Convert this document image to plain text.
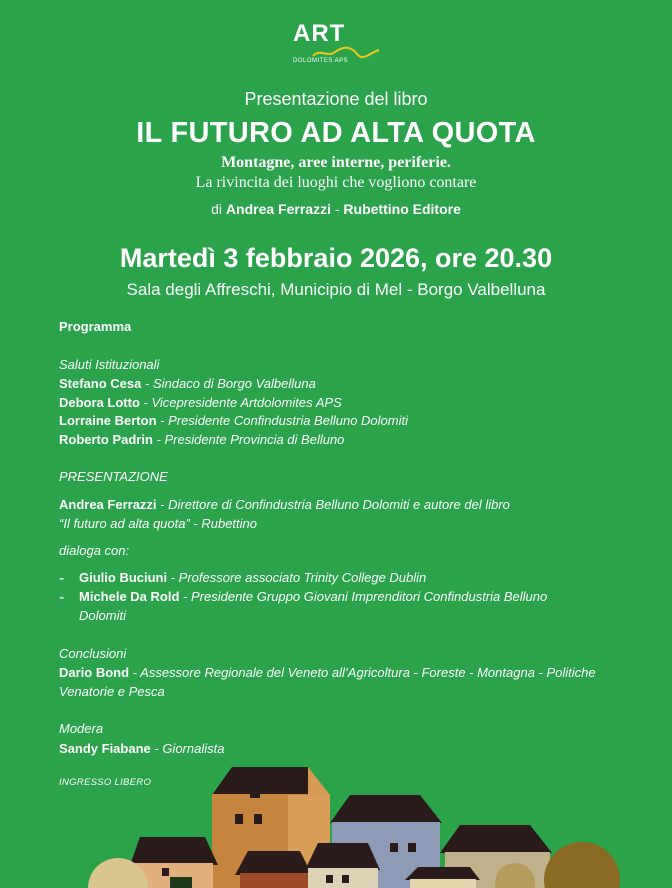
ART
DOLOMITES APS
Presentazione del libro
IL FUTURO AD ALTA QUOTA
Montagne, aree interne, periferie.
La rivincita dei luoghi che vogliono contare
di Andrea Ferrazzi - Rubettino Editore
Martedì 3 febbraio 2026, ore 20.30
Sala degli Affreschi, Municipio di Mel - Borgo Valbelluna
Programma
Saluti Istituzionali
Stefano Cesa - Sindaco di Borgo Valbelluna
Debora Lotto - Vicepresidente Artdolomites APS
Lorraine Berton - Presidente Confindustria Belluno Dolomiti
Roberto Padrin - Presidente Provincia di Belluno
PRESENTAZIONE
Andrea Ferrazzi - Direttore di Confindustria Belluno Dolomiti e autore del libro
“Il futuro ad alta quota” - Rubettino
dialoga con:
- Giulio Buciuni - Professore associato Trinity College Dublin
- Michele Da Rold - Presidente Gruppo Giovani Imprenditori Confindustria Belluno
Dolomiti
Conclusioni
Dario Bond - Assessore Regionale del Veneto all’Agricoltura - Foreste - Montagna - Politiche
Venatorie e Pesca
Modera
Sandy Fiabane - Giornalista
INGRESSO LIBERO
